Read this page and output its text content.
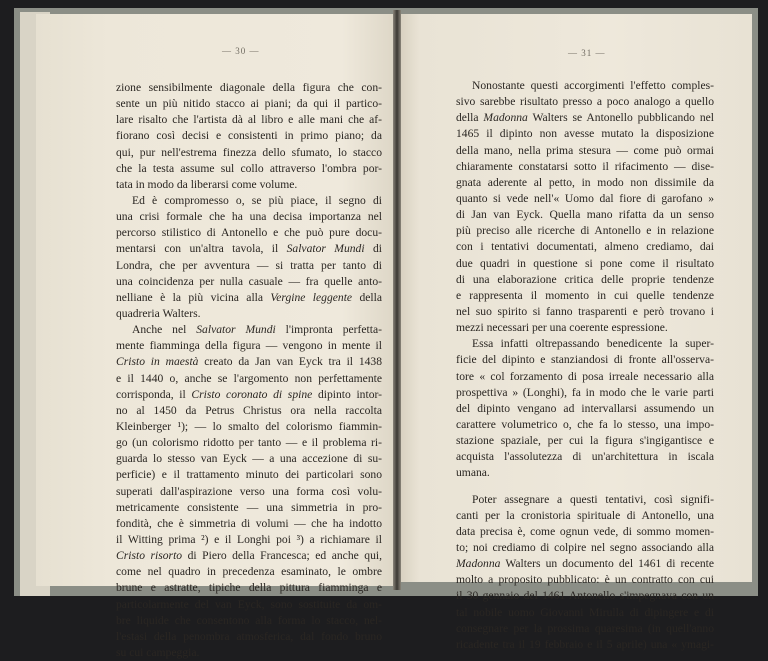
— 30 —
zione sensibilmente diagonale della figura che con-
sente un più nitido stacco ai piani; da qui il partico-
lare risalto che l'artista dà al libro e alle mani che af-
fiorano così decisi e consistenti in primo piano; da
qui, pur nell'estrema finezza dello sfumato, lo stacco
che la testa assume sul collo attraverso l'ombra por-
tata in modo da liberarsi come volume.
Ed è compromesso o, se più piace, il segno di
una crisi formale che ha una decisa importanza nel
percorso stilistico di Antonello e che può pure docu-
mentarsi con un'altra tavola, il Salvator Mundi di
Londra, che per avventura — si tratta per tanto di
una coincidenza per nulla casuale — fra quelle anto-
nelliane è la più vicina alla Vergine leggente della
quadreria Walters.
Anche nel Salvator Mundi l'impronta perfetta-
mente fiamminga della figura — vengono in mente il
Cristo in maestà creato da Jan van Eyck tra il 1438
e il 1440 o, anche se l'argomento non perfettamente
corrisponda, il Cristo coronato di spine dipinto intor-
no al 1450 da Petrus Christus ora nella raccolta
Kleinberger ¹); — lo smalto del colorismo fiammin-
go (un colorismo ridotto per tanto — e il problema ri-
guarda lo stesso van Eyck — a una accezione di su-
perficie) e il trattamento minuto dei particolari sono
superati dall'aspirazione verso una forma così volu-
metricamente consistente — una simmetria in pro-
fondità, che è simmetria di volumi — che ha indotto
il Witting prima ²) e il Longhi poi ³) a richiamare il
Cristo risorto di Piero della Francesca; ed anche qui,
come nel quadro in precedenza esaminato, le ombre
brune e astratte, tipiche della pittura fiamminga e
particolarmente del van Eyck, sono sostituite da om-
bre liquide che consentono alla forma lo stacco, nel-
l'estasi della penombra atmosferica, dal fondo bruno
su cui campeggia.
— 31 —
Nonostante questi accorgimenti l'effetto comples-
sivo sarebbe risultato presso a poco analogo a quello
della Madonna Walters se Antonello pubblicando nel
1465 il dipinto non avesse mutato la disposizione
della mano, nella prima stesura — come può ormai
chiaramente constatarsi sotto il rifacimento — dise-
gnata aderente al petto, in modo non dissimile da
quanto si vede nell'« Uomo dal fiore di garofano »
di Jan van Eyck. Quella mano rifatta da un senso
più preciso alle ricerche di Antonello e in relazione
con i tentativi documentati, almeno crediamo, dai
due quadri in questione si pone come il risultato
di una elaborazione critica delle proprie tendenze
e rappresenta il momento in cui quelle tendenze
nel suo spirito si fanno trasparenti e però trovano i
mezzi necessari per una coerente espressione.
Essa infatti oltrepassando benedicente la super-
ficie del dipinto e stanziandosi di fronte all'osserva-
tore « col forzamento di posa irreale necessario alla
prospettiva » (Longhi), fa in modo che le varie parti
del dipinto vengano ad intervallarsi assumendo un
carattere volumetrico o, che fa lo stesso, una impo-
stazione spaziale, per cui la figura s'ingigantisce e
acquista l'assolutezza di un'architettura in iscala
umana.
Poter assegnare a questi tentativi, così signifi-
canti per la cronistoria spirituale di Antonello, una
data precisa è, come ognun vede, di sommo momen-
to; noi crediamo di colpire nel segno associando alla
Madonna Walters un documento del 1461 di recente
molto a proposito pubblicato: è un contratto con cui
il 30 gennaio del 1461 Antonello s'impegnava con un
tal nobile uomo Giovanni Mirulla di dipingere e di
consegnare per la prossima quaresima (in quell'anno
ricadente tra il 19 febbraio e il 5 aprile) una « ymagi-
